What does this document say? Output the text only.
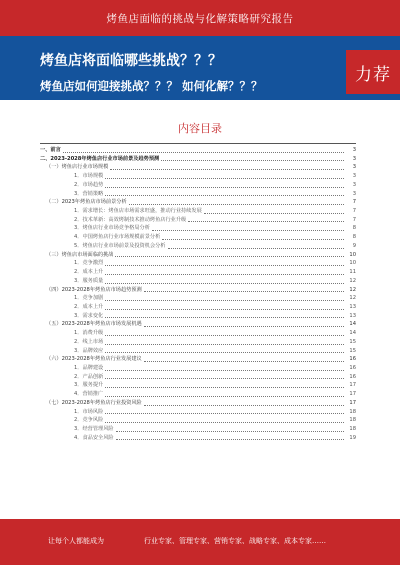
烤鱼店面临的挑战与化解策略研究报告
烤鱼店将面临哪些挑战？？？
烤鱼店如何迎接挑战？？？ 如何化解？？？
力荐
内容目录
一、前言	3
二、2023-2028年烤鱼店行业市场前景及趋势预测	3
（一）烤鱼店行业市场规模	3
1．市场规模	3
2．市场趋势	3
3．营销策略	3
（二）2023年烤鱼店市场前景分析	7
1．需求增长：烤鱼店市场需求旺盛，推动行业持续发展	7
2．技术革新：高效烤制技术推动烤鱼店行业升级	7
3．烤鱼店行业市场竞争格局分析	8
4．中国烤鱼店行业市场规模前景分析	8
5．烤鱼店行业市场前景及投资机会分析	9
（三）烤鱼店市场面临的挑战	10
1．竞争激烈	10
2．成本上升	11
3．服务质量	12
（四）2023-2028年烤鱼店市场趋势预测	12
1．竞争加剧	12
2．成本上升	13
3．需求变化	13
（五）2023-2028年烤鱼店市场发展机遇	14
1．消费升级	14
2．线上市场	15
3．品牌效应	15
（六）2023-2028年烤鱼店行业发展建议	16
1．品牌建设	16
2．产品创新	16
3．服务提升	17
4．营销推广	17
（七）2023-2028年烤鱼店行业投资风险	17
1．市场风险	18
2．竞争风险	18
3．经营管理风险	18
4．食品安全风险	19
让每个人都能成为	行业专家、管理专家、营销专家、战略专家、成本专家……
